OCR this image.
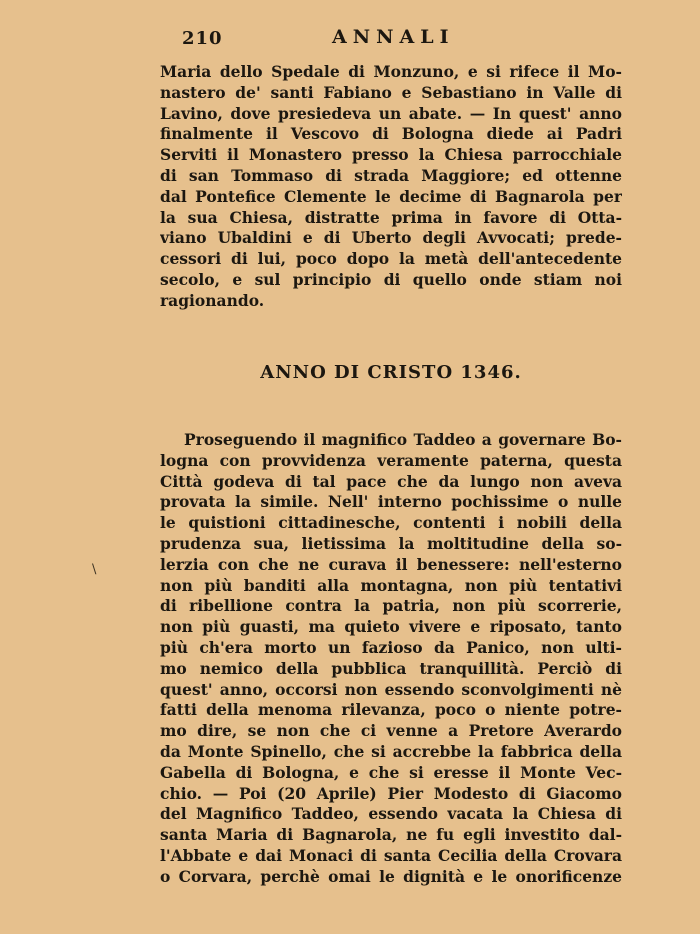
210	ANNALI
Maria dello Spedale di Monzuno, e si rifece il Mo-
nastero de' santi Fabiano e Sebastiano in Valle di
Lavino, dove presiedeva un abate. — In quest' anno
finalmente il Vescovo di Bologna diede ai Padri
Serviti il Monastero presso la Chiesa parrocchiale
di san Tommaso di strada Maggiore; ed ottenne
dal Pontefice Clemente le decime di Bagnarola per
la sua Chiesa, distratte prima in favore di Otta-
viano Ubaldini e di Uberto degli Avvocati; prede-
cessori di lui, poco dopo la metà dell'antecedente
secolo, e sul principio di quello onde stiam noi
ragionando.
ANNO DI CRISTO 1346.
\
Proseguendo il magnifico Taddeo a governare Bo-
logna con provvidenza veramente paterna, questa
Città godeva di tal pace che da lungo non aveva
provata la simile. Nell' interno pochissime o nulle
le quistioni cittadinesche, contenti i nobili della
prudenza sua, lietissima la moltitudine della so-
lerzia con che ne curava il benessere: nell'esterno
non più banditi alla montagna, non più tentativi
di ribellione contra la patria, non più scorrerie,
non più guasti, ma quieto vivere e riposato, tanto
più ch'era morto un fazioso da Panico, non ulti-
mo nemico della pubblica tranquillità. Perciò di
quest' anno, occorsi non essendo sconvolgimenti nè
fatti della menoma rilevanza, poco o niente potre-
mo dire, se non che ci venne a Pretore Averardo
da Monte Spinello, che si accrebbe la fabbrica della
Gabella di Bologna, e che si eresse il Monte Vec-
chio. — Poi (20 Aprile) Pier Modesto di Giacomo
del Magnifico Taddeo, essendo vacata la Chiesa di
santa Maria di Bagnarola, ne fu egli investito dal-
l'Abbate e dai Monaci di santa Cecilia della Crovara
o Corvara, perchè omai le dignità e le onorificenze
